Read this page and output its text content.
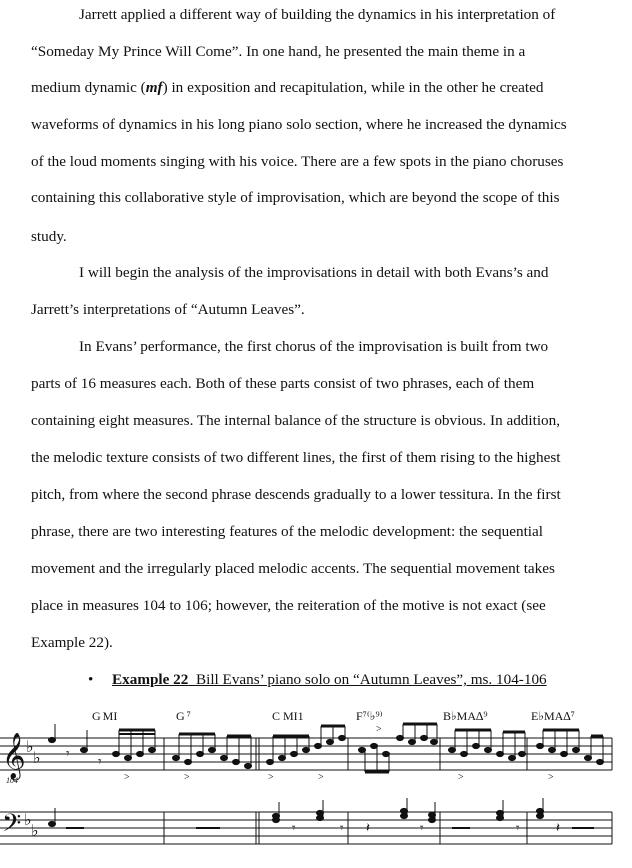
Jarrett applied a different way of building the dynamics in his interpretation of
“Someday My Prince Will Come”. In one hand, he presented the main theme in a
medium dynamic (mf) in exposition and recapitulation, while in the other he created
waveforms of dynamics in his long piano solo section, where he increased the dynamics
of the loud moments singing with his voice. There are a few spots in the piano choruses
containing this collaborative style of improvisation, which are beyond the scope of this
study.
I will begin the analysis of the improvisations in detail with both Evans’s and
Jarrett’s interpretations of “Autumn Leaves”.
In Evans’ performance, the first chorus of the improvisation is built from two
parts of 16 measures each. Both of these parts consist of two phrases, each of them
containing eight measures. The internal balance of the structure is obvious. In addition,
the melodic texture consists of two different lines, the first of them rising to the highest
pitch, from where the second phrase descends gradually to a lower tessitura. In the first
phrase, there are two interesting features of the melodic development: the sequential
movement and the irregularly placed melodic accents. The sequential movement takes
place in measures 104 to 106; however, the reiteration of the motive is not exact (see
Example 22).
• Example 22 Bill Evans’ piano solo on “Autumn Leaves”, ms. 104-106
𝄞
𝄢
♭
♭
♭
♭
104
G MI	G ⁷	C MI1	F⁷⁽♭⁹⁾	B♭MA∆⁹	E♭MA∆⁷
𝄾
𝄾
>	>	>	>
>
>	>
𝄾	𝄾 𝄽	𝄾	𝄾	𝄽
